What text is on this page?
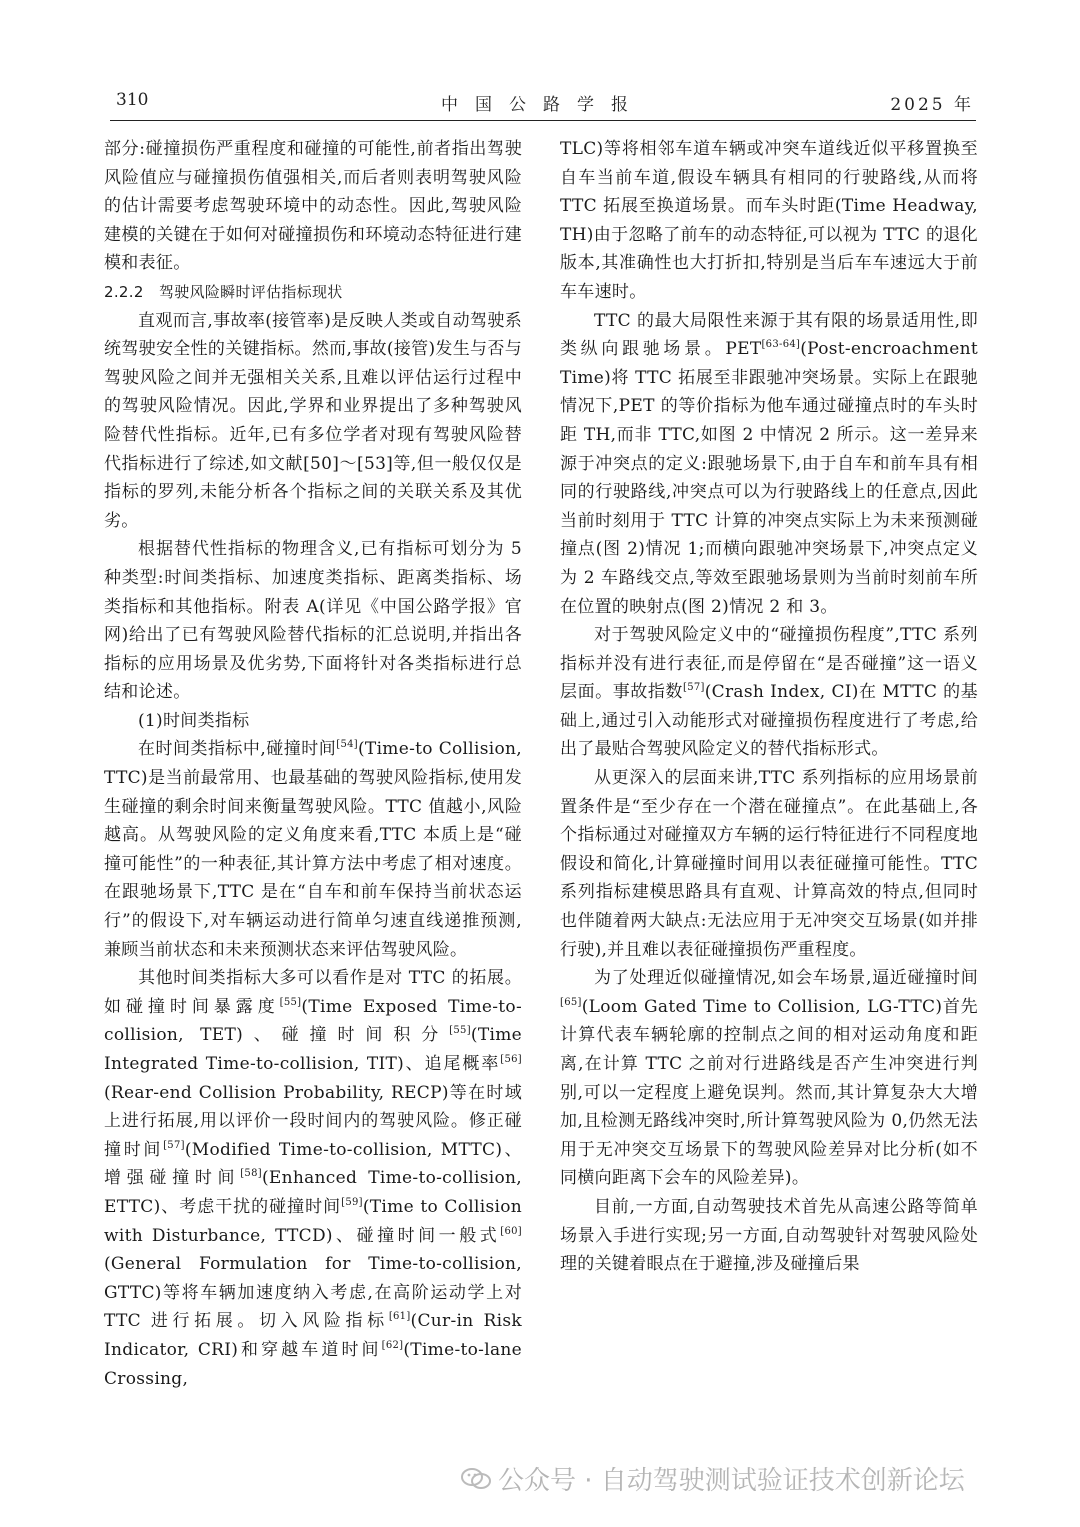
310	中国公路学报	2025 年

部分:碰撞损伤严重程度和碰撞的可能性,前者指出驾驶风险值应与碰撞损伤值强相关,而后者则表明驾驶风险的估计需要考虑驾驶环境中的动态性。因此,驾驶风险建模的关键在于如何对碰撞损伤和环境动态特征进行建模和表征。

2.2.2　驾驶风险瞬时评估指标现状

直观而言,事故率(接管率)是反映人类或自动驾驶系统驾驶安全性的关键指标。然而,事故(接管)发生与否与驾驶风险之间并无强相关关系,且难以评估运行过程中的驾驶风险情况。因此,学界和业界提出了多种驾驶风险替代性指标。近年,已有多位学者对现有驾驶风险替代指标进行了综述,如文献[50]～[53]等,但一般仅仅是指标的罗列,未能分析各个指标之间的关联关系及其优劣。

根据替代性指标的物理含义,已有指标可划分为 5 种类型:时间类指标、加速度类指标、距离类指标、场类指标和其他指标。附表 A(详见《中国公路学报》官网)给出了已有驾驶风险替代指标的汇总说明,并指出各指标的应用场景及优劣势,下面将针对各类指标进行总结和论述。

(1)时间类指标

在时间类指标中,碰撞时间[54](Time-to Collision, TTC)是当前最常用、也最基础的驾驶风险指标,使用发生碰撞的剩余时间来衡量驾驶风险。TTC 值越小,风险越高。从驾驶风险的定义角度来看,TTC 本质上是“碰撞可能性”的一种表征,其计算方法中考虑了相对速度。在跟驰场景下,TTC 是在“自车和前车保持当前状态运行”的假设下,对车辆运动进行简单匀速直线递推预测,兼顾当前状态和未来预测状态来评估驾驶风险。

其他时间类指标大多可以看作是对 TTC 的拓展。如碰撞时间暴露度[55](Time Exposed Time-to-collision, TET)、碰撞时间积分[55](Time Integrated Time-to-collision, TIT)、追尾概率[56](Rear-end Collision Probability, RECP)等在时域上进行拓展,用以评价一段时间内的驾驶风险。修正碰撞时间[57](Modified Time-to-collision, MTTC)、增强碰撞时间[58](Enhanced Time-to-collision, ETTC)、考虑干扰的碰撞时间[59](Time to Collision with Disturbance, TTCD)、碰撞时间一般式[60](General Formulation for Time-to-collision, GTTC)等将车辆加速度纳入考虑,在高阶运动学上对 TTC 进行拓展。切入风险指标[61](Cur-in Risk Indicator, CRI)和穿越车道时间[62](Time-to-lane Crossing,

TLC)等将相邻车道车辆或冲突车道线近似平移置换至自车当前车道,假设车辆具有相同的行驶路线,从而将 TTC 拓展至换道场景。而车头时距(Time Headway, TH)由于忽略了前车的动态特征,可以视为 TTC 的退化版本,其准确性也大打折扣,特别是当后车车速远大于前车车速时。

TTC 的最大局限性来源于其有限的场景适用性,即类纵向跟驰场景。PET[63-64](Post-encroachment Time)将 TTC 拓展至非跟驰冲突场景。实际上在跟驰情况下,PET 的等价指标为他车通过碰撞点时的车头时距 TH,而非 TTC,如图 2 中情况 2 所示。这一差异来源于冲突点的定义:跟驰场景下,由于自车和前车具有相同的行驶路线,冲突点可以为行驶路线上的任意点,因此当前时刻用于 TTC 计算的冲突点实际上为未来预测碰撞点(图 2)情况 1;而横向跟驰冲突场景下,冲突点定义为 2 车路线交点,等效至跟驰场景则为当前时刻前车所在位置的映射点(图 2)情况 2 和 3。

对于驾驶风险定义中的“碰撞损伤程度”,TTC 系列指标并没有进行表征,而是停留在“是否碰撞”这一语义层面。事故指数[57](Crash Index, CI)在 MTTC 的基础上,通过引入动能形式对碰撞损伤程度进行了考虑,给出了最贴合驾驶风险定义的替代指标形式。

从更深入的层面来讲,TTC 系列指标的应用场景前置条件是“至少存在一个潜在碰撞点”。在此基础上,各个指标通过对碰撞双方车辆的运行特征进行不同程度地假设和简化,计算碰撞时间用以表征碰撞可能性。TTC 系列指标建模思路具有直观、计算高效的特点,但同时也伴随着两大缺点:无法应用于无冲突交互场景(如并排行驶),并且难以表征碰撞损伤严重程度。

为了处理近似碰撞情况,如会车场景,逼近碰撞时间[65](Loom Gated Time to Collision, LG-TTC)首先计算代表车辆轮廓的控制点之间的相对运动角度和距离,在计算 TTC 之前对行进路线是否产生冲突进行判别,可以一定程度上避免误判。然而,其计算复杂大大增加,且检测无路线冲突时,所计算驾驶风险为 0,仍然无法用于无冲突交互场景下的驾驶风险差异对比分析(如不同横向距离下会车的风险差异)。

目前,一方面,自动驾驶技术首先从高速公路等简单场景入手进行实现;另一方面,自动驾驶针对驾驶风险处理的关键着眼点在于避撞,涉及碰撞后果

公众号 · 自动驾驶测试验证技术创新论坛
